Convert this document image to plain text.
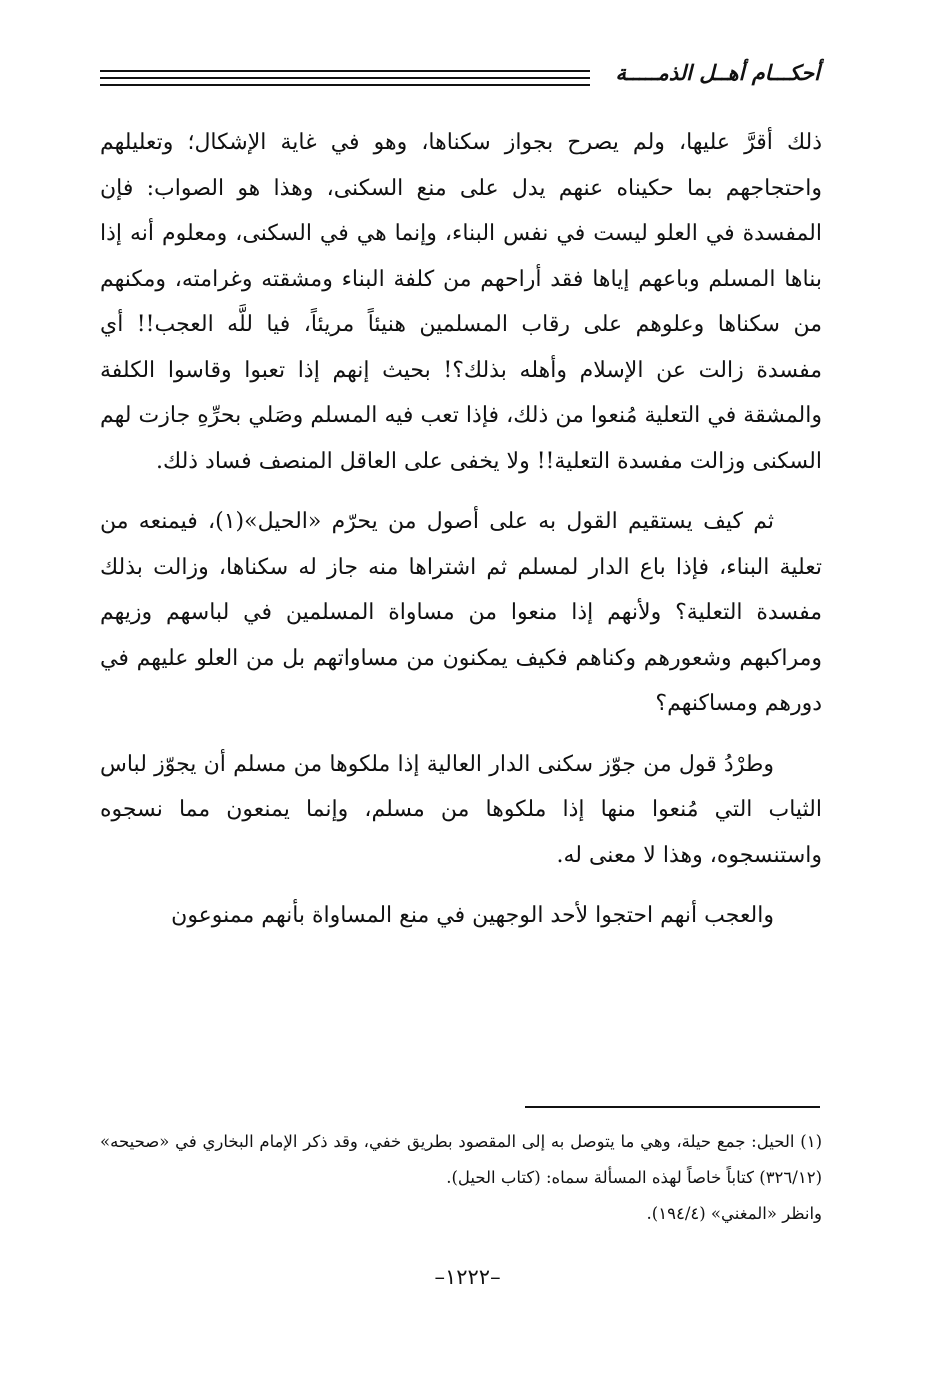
أحكـــام أهــل الذمـــــة

ذلك أقرَّ عليها، ولم يصرح بجواز سكناها، وهو في غاية الإشكال؛ وتعليلهم واحتجاجهم بما حكيناه عنهم يدل على منع السكنى، وهذا هو الصواب: فإن المفسدة في العلو ليست في نفس البناء، وإنما هي في السكنى، ومعلوم أنه إذا بناها المسلم وباعهم إياها فقد أراحهم من كلفة البناء ومشقته وغرامته، ومكنهم من سكناها وعلوهم على رقاب المسلمين هنيئاً مريئاً، فيا للَّه العجب!! أي مفسدة زالت عن الإسلام وأهله بذلك؟! بحيث إنهم إذا تعبوا وقاسوا الكلفة والمشقة في التعلية مُنعوا من ذلك، فإذا تعب فيه المسلم وصَلي بحرِّهِ جازت لهم السكنى وزالت مفسدة التعلية!! ولا يخفى على العاقل المنصف فساد ذلك.

ثم كيف يستقيم القول به على أصول من يحرّم «الحيل»(١)، فيمنعه من تعلية البناء، فإذا باع الدار لمسلم ثم اشتراها منه جاز له سكناها، وزالت بذلك مفسدة التعلية؟ ولأنهم إذا منعوا من مساواة المسلمين في لباسهم وزيهم ومراكبهم وشعورهم وكناهم فكيف يمكنون من مساواتهم بل من العلو عليهم في دورهم ومساكنهم؟

وطرْدُ قول من جوّز سكنى الدار العالية إذا ملكوها من مسلم أن يجوّز لباس الثياب التي مُنعوا منها إذا ملكوها من مسلم، وإنما يمنعون مما نسجوه واستنسجوه، وهذا لا معنى له.

والعجب أنهم احتجوا لأحد الوجهين في منع المساواة بأنهم ممنوعون

(١) الحيل: جمع حيلة، وهي ما يتوصل به إلى المقصود بطريق خفي، وقد ذكر الإمام البخاري في «صحيحه» (٣٢٦/١٢) كتاباً خاصاً لهذه المسألة سماه: (كتاب الحيل).

وانظر «المغني» (١٩٤/٤).

–١٢٢٢–
